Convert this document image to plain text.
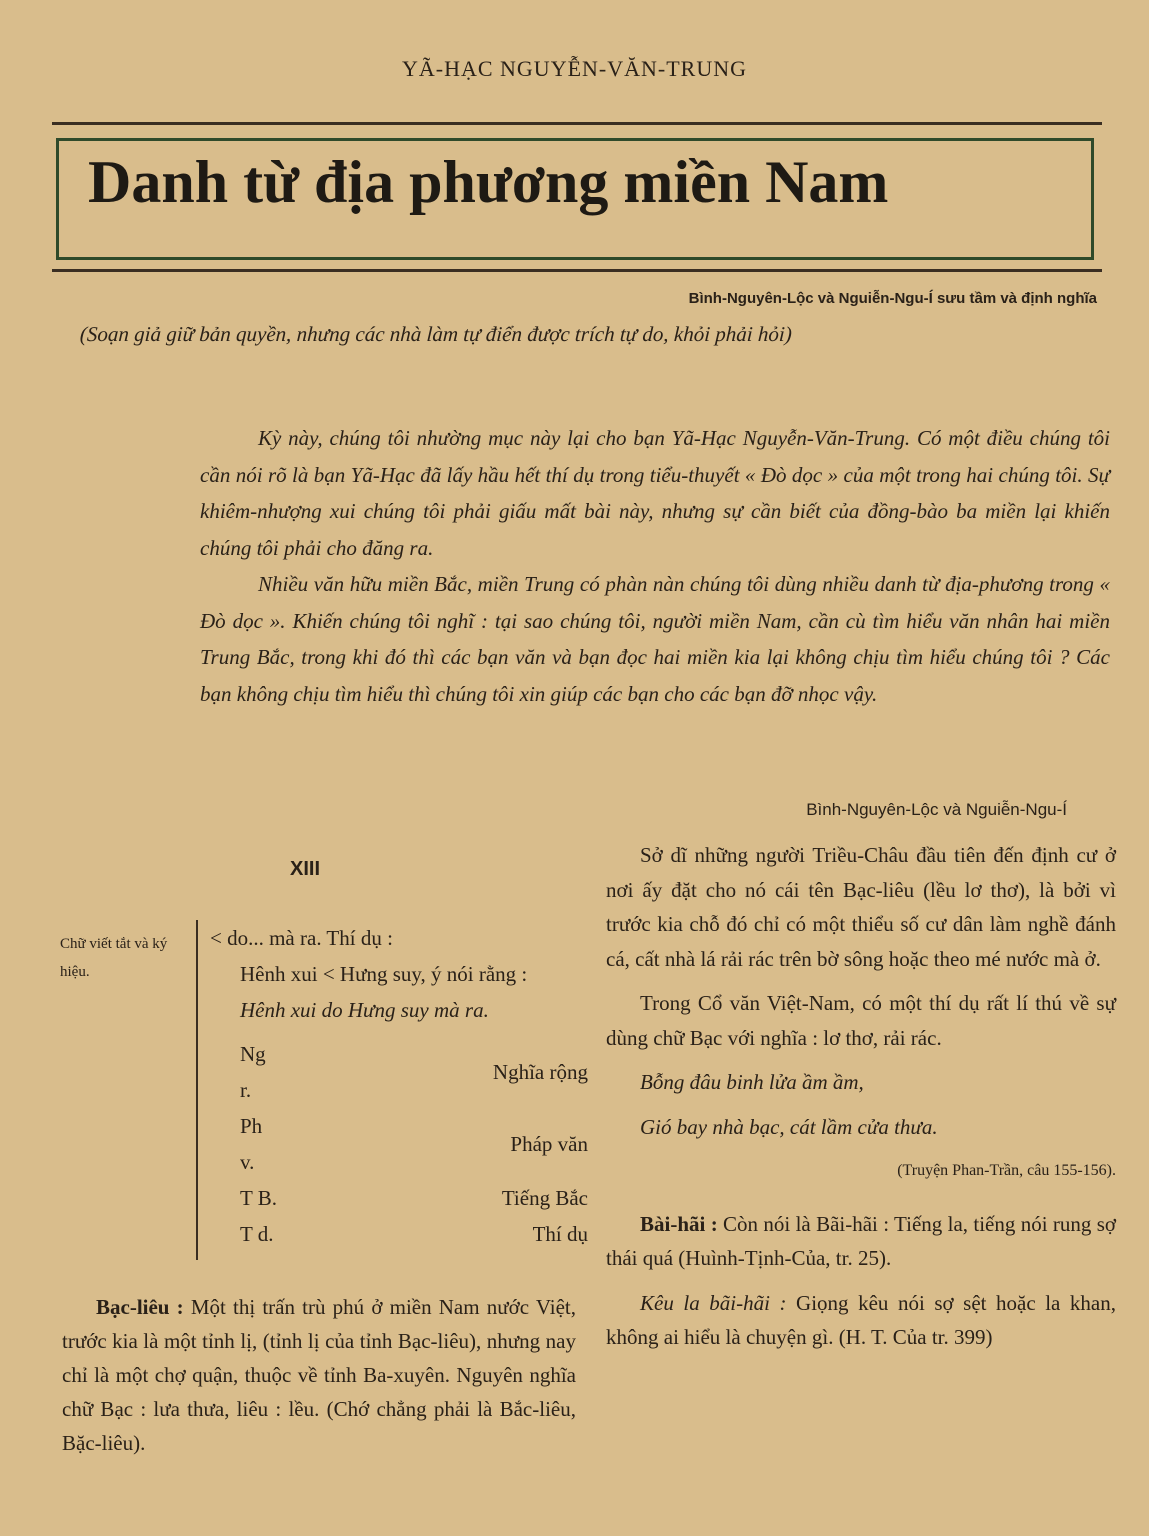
YÃ-HẠC NGUYỄN-VĂN-TRUNG
Danh từ địa phương miền Nam
Bình-Nguyên-Lộc và Nguiễn-Ngu-Í sưu tầm và định nghĩa
(Soạn giả giữ bản quyền, nhưng các nhà làm tự điển được trích tự do, khỏi phải hỏi)

Kỳ này, chúng tôi nhường mục này lại cho bạn Yã-Hạc Nguyễn-Văn-Trung. Có một điều chúng tôi cần nói rõ là bạn Yã-Hạc đã lấy hầu hết thí dụ trong tiểu-thuyết « Đò dọc » của một trong hai chúng tôi. Sự khiêm-nhượng xui chúng tôi phải giấu mất bài này, nhưng sự cần biết của đồng-bào ba miền lại khiến chúng tôi phải cho đăng ra.

Nhiều văn hữu miền Bắc, miền Trung có phàn nàn chúng tôi dùng nhiều danh từ địa-phương trong « Đò dọc ». Khiến chúng tôi nghĩ : tại sao chúng tôi, người miền Nam, cần cù tìm hiểu văn nhân hai miền Trung Bắc, trong khi đó thì các bạn văn và bạn đọc hai miền kia lại không chịu tìm hiểu chúng tôi ? Các bạn không chịu tìm hiểu thì chúng tôi xin giúp các bạn cho các bạn đỡ nhọc vậy.

Bình-Nguyên-Lộc và Nguiễn-Ngu-Í
XIII
Chữ viết tắt và ký hiệu.

< do... mà ra. Thí dụ :

Hênh xui < Hưng suy, ý nói rằng :

Hênh xui do Hưng suy mà ra.

Ng r.	Nghĩa rộng
Ph v.	Pháp văn
T B.	Tiếng Bắc
T d.	Thí dụ

Bạc-liêu : Một thị trấn trù phú ở miền Nam nước Việt, trước kia là một tỉnh lị, (tỉnh lị của tỉnh Bạc-liêu), nhưng nay chỉ là một chợ quận, thuộc về tỉnh Ba-xuyên. Nguyên nghĩa chữ Bạc : lưa thưa, liêu : lều. (Chớ chẳng phải là Bắc-liêu, Bặc-liêu).

Sở dĩ những người Triều-Châu đầu tiên đến định cư ở nơi ấy đặt cho nó cái tên Bạc-liêu (lều lơ thơ), là bởi vì trước kia chỗ đó chỉ có một thiểu số cư dân làm nghề đánh cá, cất nhà lá rải rác trên bờ sông hoặc theo mé nước mà ở.

Trong Cổ văn Việt-Nam, có một thí dụ rất lí thú về sự dùng chữ Bạc với nghĩa : lơ thơ, rải rác.

Bỗng đâu binh lửa ầm ầm,

Gió bay nhà bạc, cát lầm cửa thưa.

(Truyện Phan-Trần, câu 155-156).

Bài-hãi : Còn nói là Bãi-hãi : Tiếng la, tiếng nói rung sợ thái quá (Huình-Tịnh-Của, tr. 25).

Kêu la bãi-hãi : Giọng kêu nói sợ sệt hoặc la khan, không ai hiểu là chuyện gì. (H. T. Của tr. 399)
